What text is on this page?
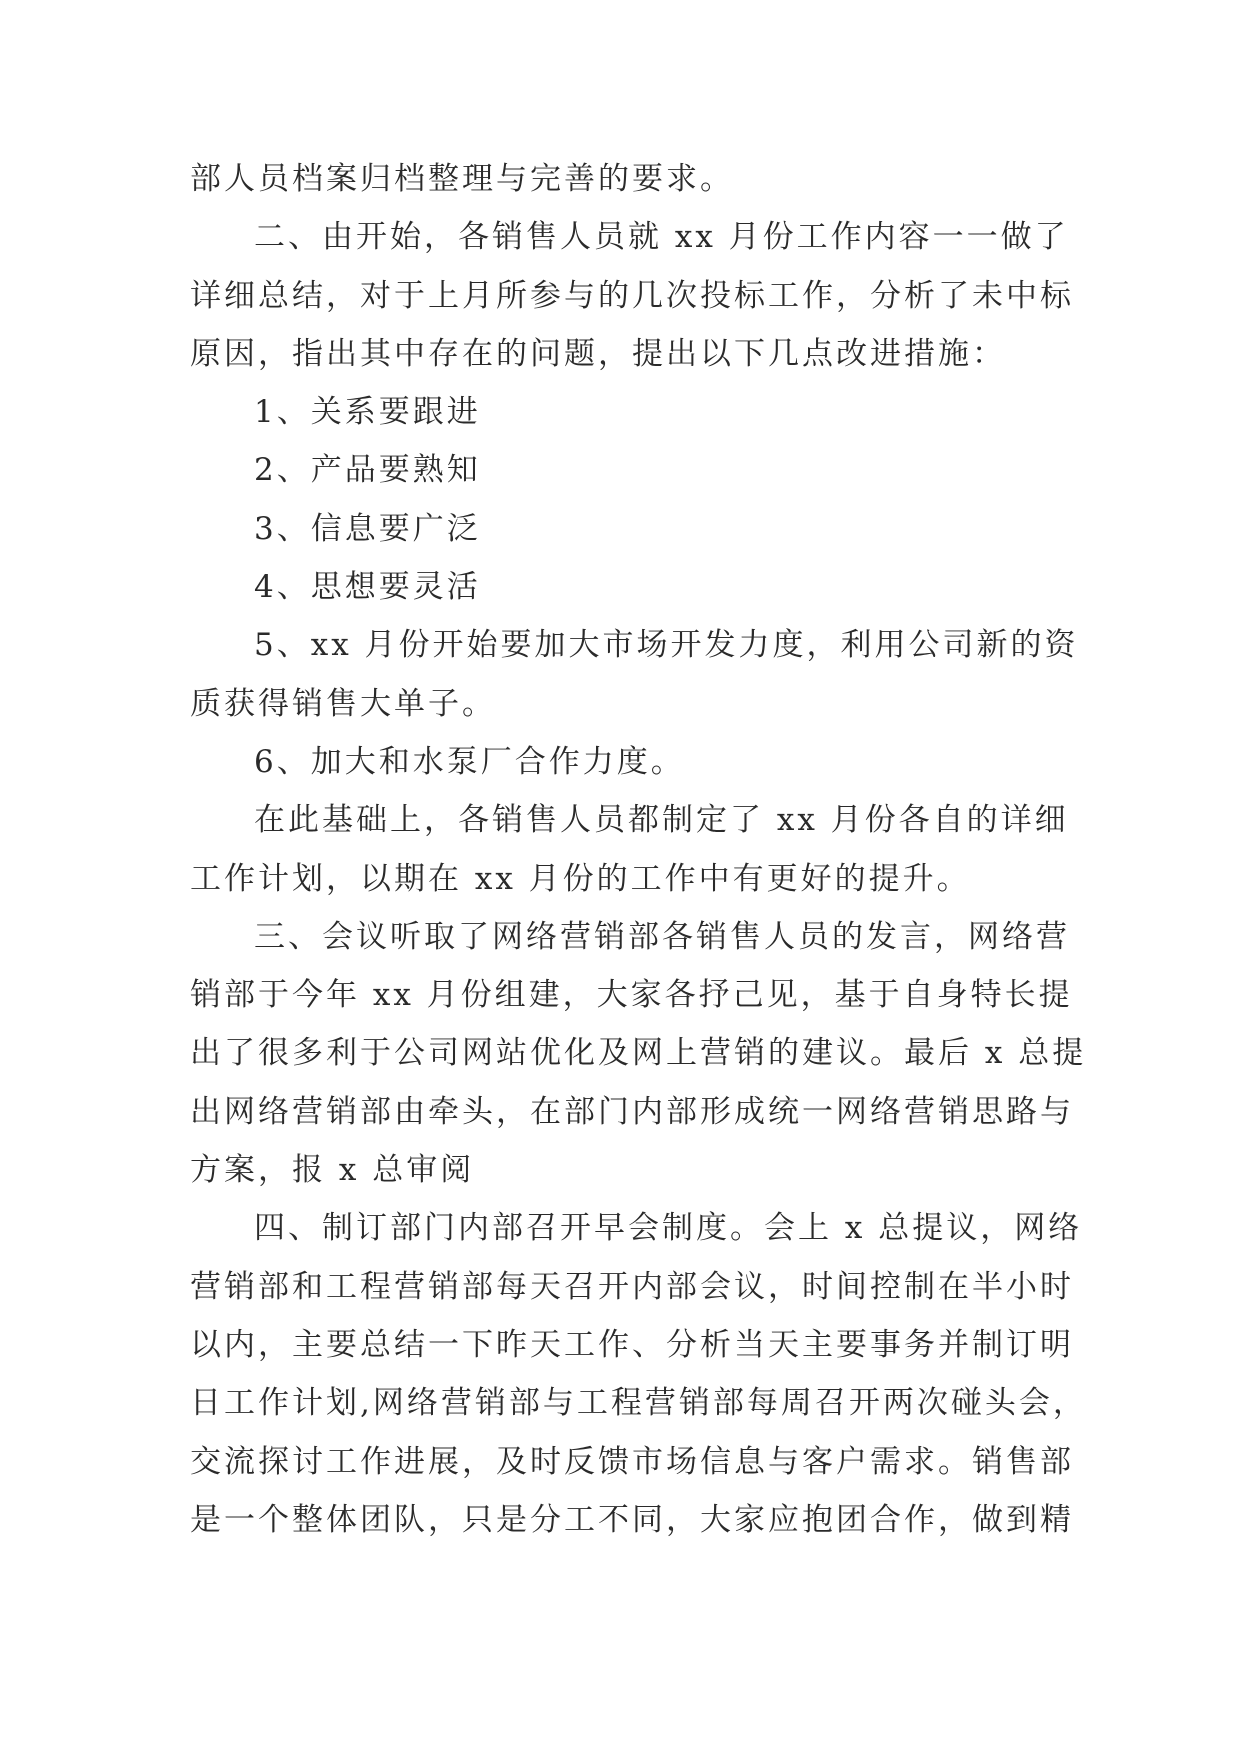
部人员档案归档整理与完善的要求。
二、由开始，各销售人员就 xx 月份工作内容一一做了
详细总结，对于上月所参与的几次投标工作，分析了未中标
原因，指出其中存在的问题，提出以下几点改进措施：
1、关系要跟进
2、产品要熟知
3、信息要广泛
4、思想要灵活
5、xx 月份开始要加大市场开发力度，利用公司新的资
质获得销售大单子。
6、加大和水泵厂合作力度。
在此基础上，各销售人员都制定了 xx 月份各自的详细
工作计划，以期在 xx 月份的工作中有更好的提升。
三、会议听取了网络营销部各销售人员的发言，网络营
销部于今年 xx 月份组建，大家各抒己见，基于自身特长提
出了很多利于公司网站优化及网上营销的建议。最后 x 总提
出网络营销部由牵头，在部门内部形成统一网络营销思路与
方案，报 x 总审阅
四、制订部门内部召开早会制度。会上 x 总提议，网络
营销部和工程营销部每天召开内部会议，时间控制在半小时
以内，主要总结一下昨天工作、分析当天主要事务并制订明
日工作计划,网络营销部与工程营销部每周召开两次碰头会，
交流探讨工作进展，及时反馈市场信息与客户需求。销售部
是一个整体团队，只是分工不同，大家应抱团合作，做到精
